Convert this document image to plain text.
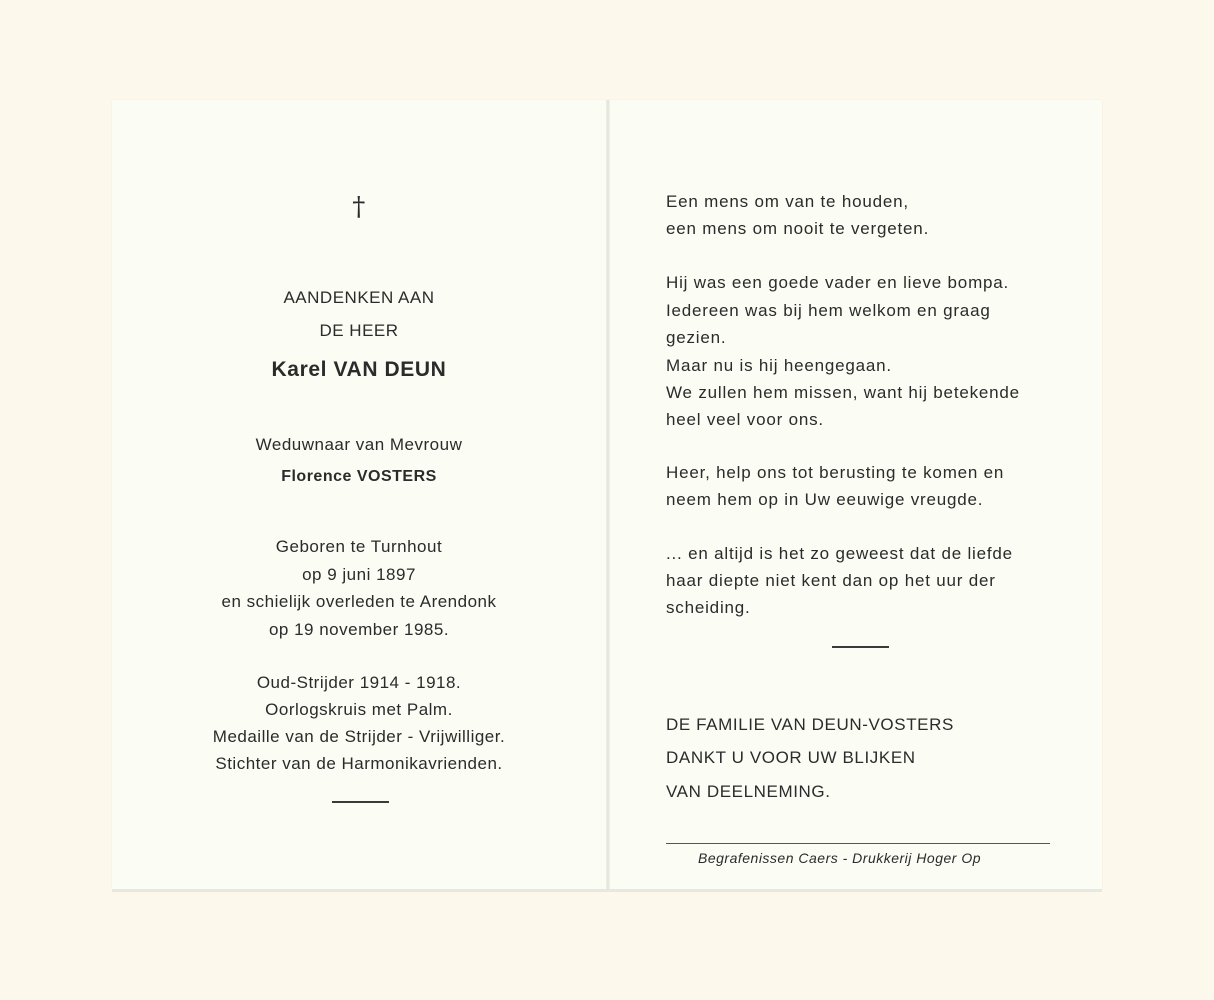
†
AANDENKEN AAN
DE HEER
Karel VAN DEUN
Weduwnaar van Mevrouw
Florence VOSTERS
Geboren te Turnhout
op 9 juni 1897
en schielijk overleden te Arendonk
op 19 november 1985.
Oud-Strijder 1914 - 1918.
Oorlogskruis met Palm.
Medaille van de Strijder - Vrijwilliger.
Stichter van de Harmonikavrienden.
Een mens om van te houden,
een mens om nooit te vergeten.
Hij was een goede vader en lieve bompa.
Iedereen was bij hem welkom en graag
gezien.
Maar nu is hij heengegaan.
We zullen hem missen, want hij betekende
heel veel voor ons.
Heer, help ons tot berusting te komen en
neem hem op in Uw eeuwige vreugde.
... en altijd is het zo geweest dat de liefde
haar diepte niet kent dan op het uur der
scheiding.
DE FAMILIE VAN DEUN-VOSTERS
DANKT U VOOR UW BLIJKEN
VAN DEELNEMING.
Begrafenissen Caers - Drukkerij Hoger Op
